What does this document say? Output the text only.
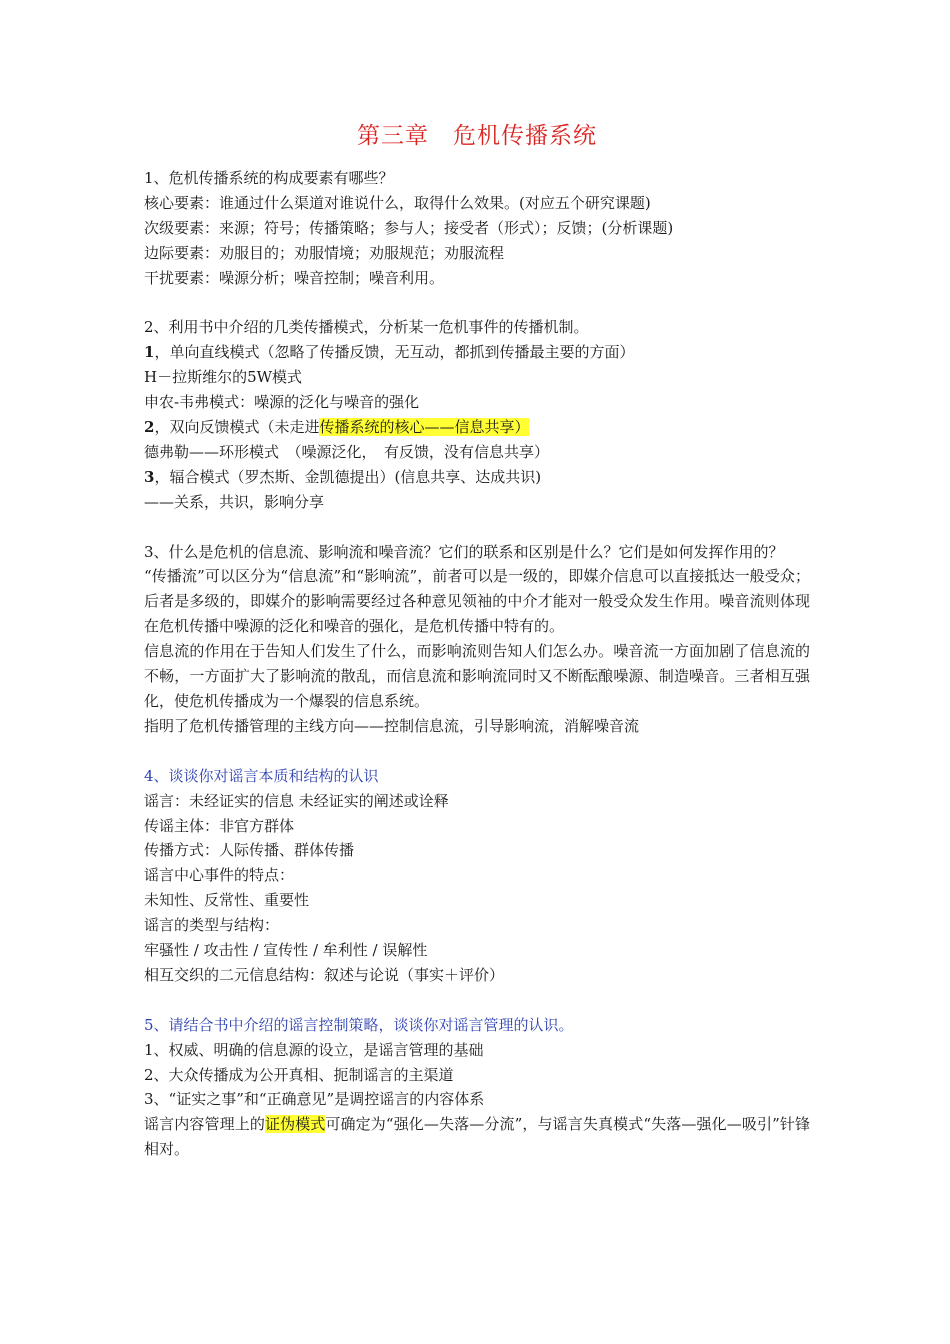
第三章　危机传播系统
1、危机传播系统的构成要素有哪些？
核心要素：谁通过什么渠道对谁说什么，取得什么效果。(对应五个研究课题)
次级要素：来源；符号；传播策略；参与人；接受者（形式）；反馈；(分析课题)
边际要素：劝服目的；劝服情境；劝服规范；劝服流程
干扰要素：噪源分析；噪音控制；噪音利用。
2、利用书中介绍的几类传播模式，分析某一危机事件的传播机制。
1，单向直线模式（忽略了传播反馈，无互动，都抓到传播最主要的方面）
H－拉斯维尔的5W模式
申农-韦弗模式：噪源的泛化与噪音的强化
2，双向反馈模式（未走进传播系统的核心——信息共享）
德弗勒——环形模式　（噪源泛化，　有反馈，没有信息共享）
3，辐合模式（罗杰斯、金凯德提出）(信息共享、达成共识)
——关系，共识，影响分享
3、什么是危机的信息流、影响流和噪音流？它们的联系和区别是什么？它们是如何发挥作用的？
“传播流”可以区分为“信息流”和“影响流”，前者可以是一级的，即媒介信息可以直接抵达一般受众；后者是多级的，即媒介的影响需要经过各种意见领袖的中介才能对一般受众发生作用。噪音流则体现在危机传播中噪源的泛化和噪音的强化，是危机传播中特有的。
信息流的作用在于告知人们发生了什么，而影响流则告知人们怎么办。噪音流一方面加剧了信息流的不畅，一方面扩大了影响流的散乱，而信息流和影响流同时又不断酝酿噪源、制造噪音。三者相互强化，使危机传播成为一个爆裂的信息系统。
指明了危机传播管理的主线方向——控制信息流，引导影响流，消解噪音流
4、谈谈你对谣言本质和结构的认识
谣言：未经证实的信息 未经证实的阐述或诠释
传谣主体：非官方群体
传播方式：人际传播、群体传播
谣言中心事件的特点：
未知性、反常性、重要性
谣言的类型与结构：
牢骚性 / 攻击性 / 宣传性 / 牟利性 / 误解性
相互交织的二元信息结构：叙述与论说（事实＋评价）
5、请结合书中介绍的谣言控制策略，谈谈你对谣言管理的认识。
1、权威、明确的信息源的设立，是谣言管理的基础
2、大众传播成为公开真相、扼制谣言的主渠道
3、“证实之事”和“正确意见”是调控谣言的内容体系
谣言内容管理上的证伪模式可确定为“强化—失落—分流”，与谣言失真模式“失落—强化—吸引”针锋相对。
